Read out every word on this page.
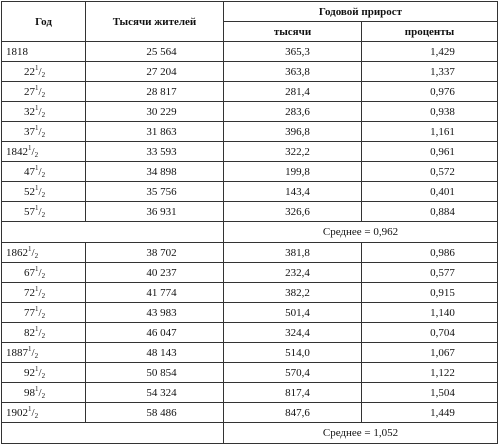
Год	Тысячи жителей	Годовой прирост	
		тысячи	проценты
1818	25 564	365,3	1,429
$22^1/_2$	27 204	363,8	1,337
$27^1/_2$	28 817	281,4	0,976
$32^1/_2$	30 229	283,6	0,938
$37^1/_2$	31 863	396,8	1,161
$1842^1/_2$	33 593	322,2	0,961
$47^1/_2$	34 898	199,8	0,572
$52^1/_2$	35 756	143,4	0,401
$57^1/_2$	36 931	326,6	0,884
		Среднее = 0,962	
$1862^1/_2$	38 702	381,8	0,986
$67^1/_2$	40 237	232,4	0,577
$72^1/_2$	41 774	382,2	0,915
$77^1/_2$	43 983	501,4	1,140
$82^1/_2$	46 047	324,4	0,704
$1887^1/_2$	48 143	514,0	1,067
$92^1/_2$	50 854	570,4	1,122
$98^1/_2$	54 324	817,4	1,504
$1902^1/_2$	58 486	847,6	1,449
		Среднее = 1,052	
